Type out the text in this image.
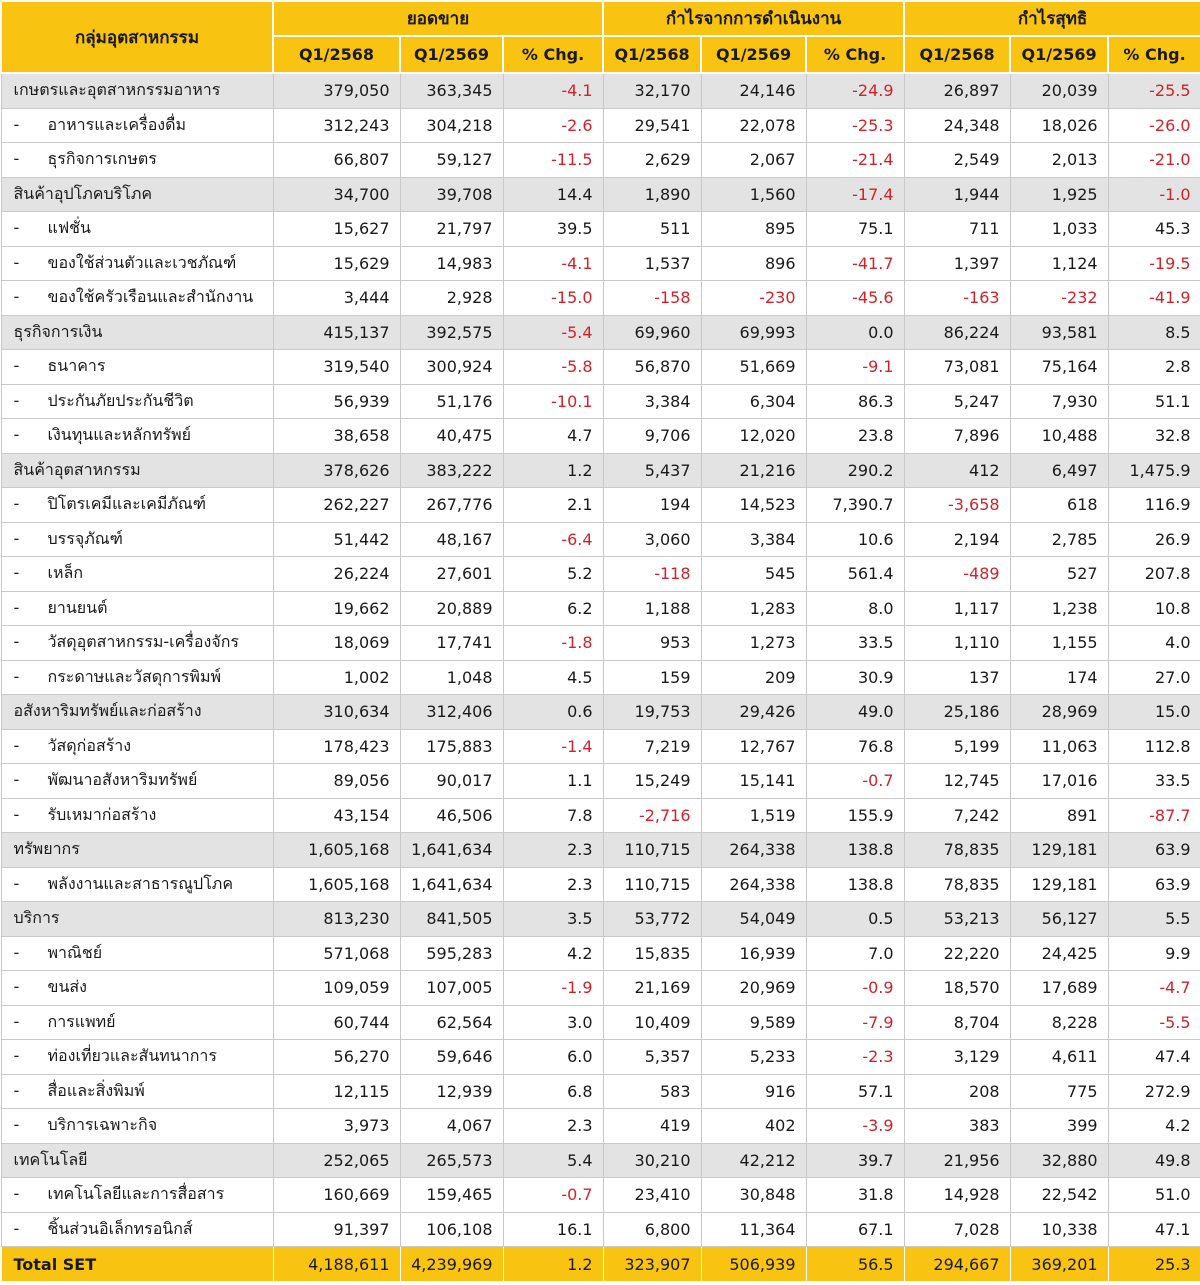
กลุ่มอุตสาหกรรม	ยอดขาย			กำไรจากการดำเนินงาน			กำไรสุทธิ		
	Q1/2568	Q1/2569	% Chg.	Q1/2568	Q1/2569	% Chg.	Q1/2568	Q1/2569	% Chg.
เกษตรและอุตสาหกรรมอาหาร	379,050	363,345	-4.1	32,170	24,146	-24.9	26,897	20,039	-25.5
- อาหารและเครื่องดื่ม	312,243	304,218	-2.6	29,541	22,078	-25.3	24,348	18,026	-26.0
- ธุรกิจการเกษตร	66,807	59,127	-11.5	2,629	2,067	-21.4	2,549	2,013	-21.0
สินค้าอุปโภคบริโภค	34,700	39,708	14.4	1,890	1,560	-17.4	1,944	1,925	-1.0
- แฟชั่น	15,627	21,797	39.5	511	895	75.1	711	1,033	45.3
- ของใช้ส่วนตัวและเวชภัณฑ์	15,629	14,983	-4.1	1,537	896	-41.7	1,397	1,124	-19.5
- ของใช้ครัวเรือนและสำนักงาน	3,444	2,928	-15.0	-158	-230	-45.6	-163	-232	-41.9
ธุรกิจการเงิน	415,137	392,575	-5.4	69,960	69,993	0.0	86,224	93,581	8.5
- ธนาคาร	319,540	300,924	-5.8	56,870	51,669	-9.1	73,081	75,164	2.8
- ประกันภัยประกันชีวิต	56,939	51,176	-10.1	3,384	6,304	86.3	5,247	7,930	51.1
- เงินทุนและหลักทรัพย์	38,658	40,475	4.7	9,706	12,020	23.8	7,896	10,488	32.8
สินค้าอุตสาหกรรม	378,626	383,222	1.2	5,437	21,216	290.2	412	6,497	1,475.9
- ปิโตรเคมีและเคมีภัณฑ์	262,227	267,776	2.1	194	14,523	7,390.7	-3,658	618	116.9
- บรรจุภัณฑ์	51,442	48,167	-6.4	3,060	3,384	10.6	2,194	2,785	26.9
- เหล็ก	26,224	27,601	5.2	-118	545	561.4	-489	527	207.8
- ยานยนต์	19,662	20,889	6.2	1,188	1,283	8.0	1,117	1,238	10.8
- วัสดุอุตสาหกรรม-เครื่องจักร	18,069	17,741	-1.8	953	1,273	33.5	1,110	1,155	4.0
- กระดาษและวัสดุการพิมพ์	1,002	1,048	4.5	159	209	30.9	137	174	27.0
อสังหาริมทรัพย์และก่อสร้าง	310,634	312,406	0.6	19,753	29,426	49.0	25,186	28,969	15.0
- วัสดุก่อสร้าง	178,423	175,883	-1.4	7,219	12,767	76.8	5,199	11,063	112.8
- พัฒนาอสังหาริมทรัพย์	89,056	90,017	1.1	15,249	15,141	-0.7	12,745	17,016	33.5
- รับเหมาก่อสร้าง	43,154	46,506	7.8	-2,716	1,519	155.9	7,242	891	-87.7
ทรัพยากร	1,605,168	1,641,634	2.3	110,715	264,338	138.8	78,835	129,181	63.9
- พลังงานและสาธารณูปโภค	1,605,168	1,641,634	2.3	110,715	264,338	138.8	78,835	129,181	63.9
บริการ	813,230	841,505	3.5	53,772	54,049	0.5	53,213	56,127	5.5
- พาณิชย์	571,068	595,283	4.2	15,835	16,939	7.0	22,220	24,425	9.9
- ขนส่ง	109,059	107,005	-1.9	21,169	20,969	-0.9	18,570	17,689	-4.7
- การแพทย์	60,744	62,564	3.0	10,409	9,589	-7.9	8,704	8,228	-5.5
- ท่องเที่ยวและสันทนาการ	56,270	59,646	6.0	5,357	5,233	-2.3	3,129	4,611	47.4
- สื่อและสิ่งพิมพ์	12,115	12,939	6.8	583	916	57.1	208	775	272.9
- บริการเฉพาะกิจ	3,973	4,067	2.3	419	402	-3.9	383	399	4.2
เทคโนโลยี	252,065	265,573	5.4	30,210	42,212	39.7	21,956	32,880	49.8
- เทคโนโลยีและการสื่อสาร	160,669	159,465	-0.7	23,410	30,848	31.8	14,928	22,542	51.0
- ชิ้นส่วนอิเล็กทรอนิกส์	91,397	106,108	16.1	6,800	11,364	67.1	7,028	10,338	47.1
Total SET	4,188,611	4,239,969	1.2	323,907	506,939	56.5	294,667	369,201	25.3
